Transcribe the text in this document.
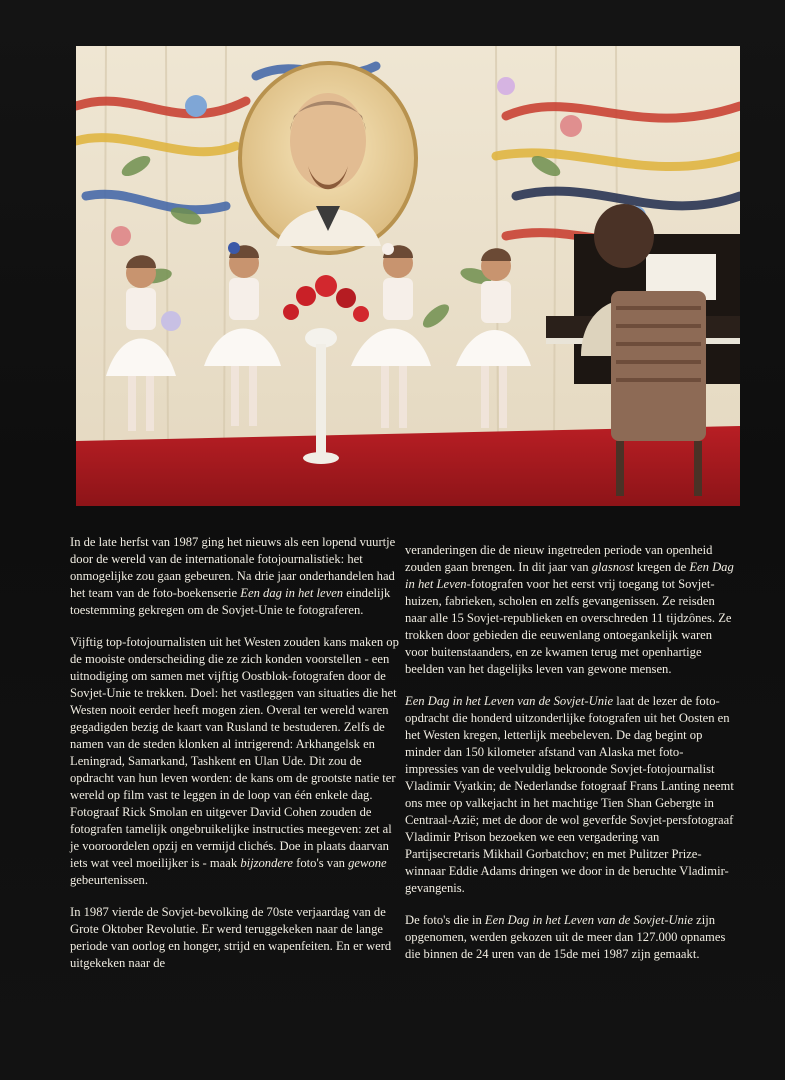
In de late herfst van 1987 ging het nieuws als een lopend vuurtje door de wereld van de internationale fotojournalistiek: het onmogelijke zou gaan gebeuren. Na drie jaar onderhandelen had het team van de foto-boekenserie Een dag in het leven eindelijk toestemming gekregen om de Sovjet-Unie te fotograferen.

Vijftig top-fotojournalisten uit het Westen zouden kans maken op de mooiste onderscheiding die ze zich konden voorstellen - een uitnodiging om samen met vijftig Oostblok-fotografen door de Sovjet-Unie te trekken. Doel: het vastleggen van situaties die het Westen nooit eerder heeft mogen zien. Overal ter wereld waren gegadigden bezig de kaart van Rusland te bestuderen. Zelfs de namen van de steden klonken al intrigerend: Arkhangelsk en Leningrad, Samarkand, Tashkent en Ulan Ude. Dit zou de opdracht van hun leven worden: de kans om de grootste natie ter wereld op film vast te leggen in de loop van één enkele dag. Fotograaf Rick Smolan en uitgever David Cohen zouden de fotografen tamelijk ongebruikelijke instructies meegeven: zet al je vooroordelen opzij en vermijd clichés. Doe in plaats daarvan iets wat veel moeilijker is - maak bijzondere foto's van gewone gebeurtenissen.

In 1987 vierde de Sovjet-bevolking de 70ste verjaardag van de Grote Oktober Revolutie. Er werd teruggekeken naar de lange periode van oorlog en honger, strijd en wapenfeiten. En er werd uitgekeken naar de

veranderingen die de nieuw ingetreden periode van openheid zouden gaan brengen. In dit jaar van glasnost kregen de Een Dag in het Leven-fotografen voor het eerst vrij toegang tot Sovjet-huizen, fabrieken, scholen en zelfs gevangenissen. Ze reisden naar alle 15 Sovjet-republieken en overschreden 11 tijdzônes. Ze trokken door gebieden die eeuwenlang ontoegankelijk waren voor buitenstaanders, en ze kwamen terug met openhartige beelden van het dagelijks leven van gewone mensen.

Een Dag in het Leven van de Sovjet-Unie laat de lezer de foto-opdracht die honderd uitzonderlijke fotografen uit het Oosten en het Westen kregen, letterlijk meebeleven. De dag begint op minder dan 150 kilometer afstand van Alaska met foto-impressies van de veelvuldig bekroonde Sovjet-fotojournalist Vladimir Vyatkin; de Nederlandse fotograaf Frans Lanting neemt ons mee op valkejacht in het machtige Tien Shan Gebergte in Centraal-Azië; met de door de wol geverfde Sovjet-persfotograaf Vladimir Prison bezoeken we een vergadering van Partijsecretaris Mikhail Gorbatchov; en met Pulitzer Prize-winnaar Eddie Adams dringen we door in de beruchte Vladimir-gevangenis.

De foto's die in Een Dag in het Leven van de Sovjet-Unie zijn opgenomen, werden gekozen uit de meer dan 127.000 opnames die binnen de 24 uren van de 15de mei 1987 zijn gemaakt.
